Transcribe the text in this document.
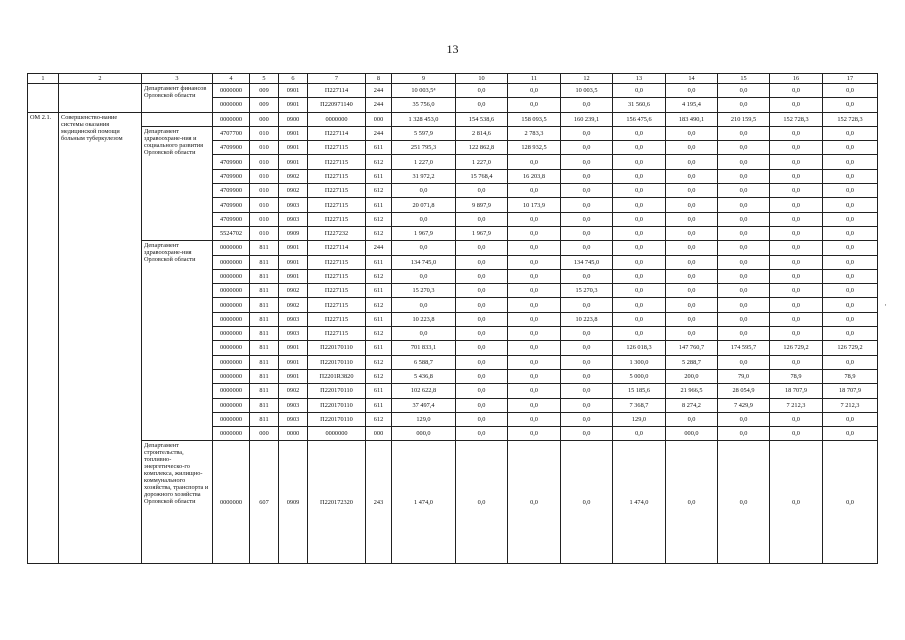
13
1	2	3	4	5	6	7	8	9	10	11	12	13	14	15	16	17
		Департамент финансов Орловской области	0000000	009	0901	П227114	244	10 003,5⁴	0,0	0,0	10 003,5	0,0	0,0	0,0	0,0	0,0
			0000000	009	0901	П220971140	244	35 756,0	0,0	0,0	0,0	31 560,6	4 195,4	0,0	0,0	0,0
ОМ 2.1.	Совершенство-вание системы оказания медицинской помощи больным туберкулезом		0000000	000	0900	0000000	000	1 328 453,0	154 538,6	158 093,5	160 239,1	156 475,6	183 490,1	210 159,5	152 728,3	152 728,3
		Департамент здравоохране-ния и социального развития Орловской области	4707700	010	0901	П227114	244	5 597,9	2 814,6	2 783,3	0,0	0,0	0,0	0,0	0,0	0,0
			4709900	010	0901	П227115	611	251 795,3	122 862,8	128 932,5	0,0	0,0	0,0	0,0	0,0	0,0
			4709900	010	0901	П227115	612	1 227,0	1 227,0	0,0	0,0	0,0	0,0	0,0	0,0	0,0
			4709900	010	0902	П227115	611	31 972,2	15 768,4	16 203,8	0,0	0,0	0,0	0,0	0,0	0,0
			4709900	010	0902	П227115	612	0,0	0,0	0,0	0,0	0,0	0,0	0,0	0,0	0,0
			4709900	010	0903	П227115	611	20 071,8	9 897,9	10 173,9	0,0	0,0	0,0	0,0	0,0	0,0
			4709900	010	0903	П227115	612	0,0	0,0	0,0	0,0	0,0	0,0	0,0	0,0	0,0
			5524702	010	0909	П227232	612	1 967,9	1 967,9	0,0	0,0	0,0	0,0	0,0	0,0	0,0
		Департамент здравоохране-ния Орловской области	0000000	811	0901	П227114	244	0,0	0,0	0,0	0,0	0,0	0,0	0,0	0,0	0,0
			0000000	811	0901	П227115	611	134 745,0	0,0	0,0	134 745,0	0,0	0,0	0,0	0,0	0,0
			0000000	811	0901	П227115	612	0,0	0,0	0,0	0,0	0,0	0,0	0,0	0,0	0,0
			0000000	811	0902	П227115	611	15 270,3	0,0	0,0	15 270,3	0,0	0,0	0,0	0,0	0,0
			0000000	811	0902	П227115	612	0,0	0,0	0,0	0,0	0,0	0,0	0,0	0,0	0,0
			0000000	811	0903	П227115	611	10 223,8	0,0	0,0	10 223,8	0,0	0,0	0,0	0,0	0,0
			0000000	811	0903	П227115	612	0,0	0,0	0,0	0,0	0,0	0,0	0,0	0,0	0,0
			0000000	811	0901	П220170110	611	701 833,1	0,0	0,0	0,0	126 018,3	147 760,7	174 595,7	126 729,2	126 729,2
			0000000	811	0901	П220170110	612	6 588,7	0,0	0,0	0,0	1 300,0	5 288,7	0,0	0,0	0,0
			0000000	811	0901	П2201R3820	612	5 436,8	0,0	0,0	0,0	5 000,0	200,0	79,0	78,9	78,9
			0000000	811	0902	П220170110	611	102 622,8	0,0	0,0	0,0	15 185,6	21 966,5	28 054,9	18 707,9	18 707,9
			0000000	811	0903	П220170110	611	37 497,4	0,0	0,0	0,0	7 368,7	8 274,2	7 429,9	7 212,3	7 212,3
			0000000	811	0903	П220170110	612	129,0	0,0	0,0	0,0	129,0	0,0	0,0	0,0	0,0
			0000000	000	0000	0000000	000	000,0	0,0	0,0	0,0	0,0	000,0	0,0	0,0	0,0
		Департамент строительства, топливно-энергетическо-го комплекса, жилищно-коммунального хозяйства, транспорта и дорожного хозяйства Орловской области	0000000	607	0909	П220172320	243	1 474,0	0,0	0,0	0,0	1 474,0	0,0	0,0	0,0	0,0
·
